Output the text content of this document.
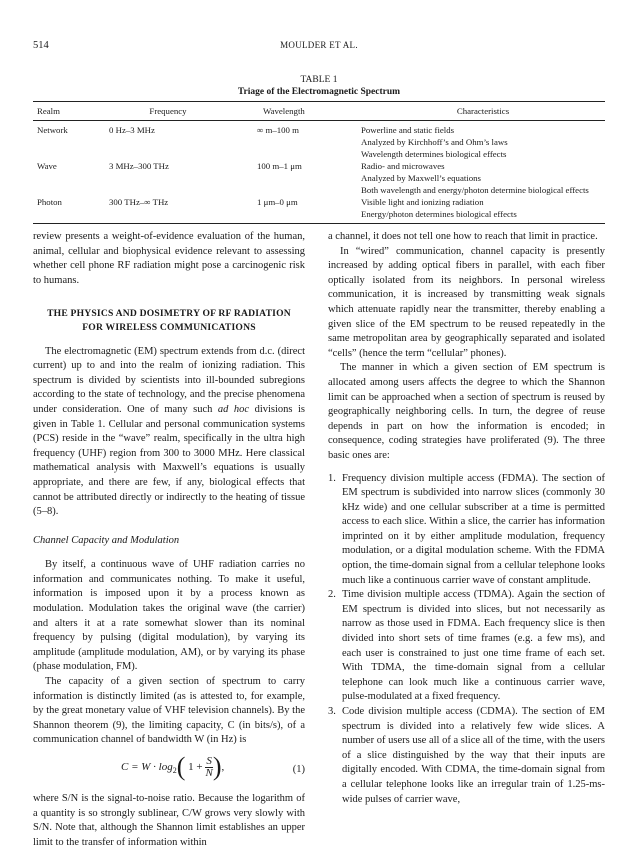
514	MOULDER ET AL.
TABLE 1
Triage of the Electromagnetic Spectrum
Realm	Frequency	Wavelength	Characteristics

Network	0 Hz–3 MHz	∞ m–100 m	Powerline and static fields
Analyzed by Kirchhoff’s and Ohm’s laws
Wavelength determines biological effects

Wave	3 MHz–300 THz	100 m–1 μm	Radio- and microwaves
Analyzed by Maxwell’s equations
Both wavelength and energy/photon determine biological effects

Photon	300 THz–∞ THz	1 μm–0 μm	Visible light and ionizing radiation
Energy/photon determines biological effects

review presents a weight-of-evidence evaluation of the human, animal, cellular and biophysical evidence relevant to assessing whether cell phone RF radiation might pose a carcinogenic risk to humans.

THE PHYSICS AND DOSIMETRY OF RF RADIATION FOR WIRELESS COMMUNICATIONS

The electromagnetic (EM) spectrum extends from d.c. (direct current) up to and into the realm of ionizing radiation. This spectrum is divided by scientists into ill-bounded subregions according to the state of technology, and the precise phenomena under consideration. One of many such ad hoc divisions is given in Table 1. Cellular and personal communication systems (PCS) reside in the “wave” realm, specifically in the ultra high frequency (UHF) region from 300 to 3000 MHz. Here classical mathematical analysis with Maxwell’s equations is usually appropriate, and there are few, if any, biological effects that cannot be attributed directly or indirectly to the heating of tissue (5–8).

Channel Capacity and Modulation

By itself, a continuous wave of UHF radiation carries no information and communicates nothing. To make it useful, information is imposed upon it by a process known as modulation. Modulation takes the original wave (the carrier) and alters it at a rate somewhat slower than its nominal frequency by pulsing (digital modulation), by varying its amplitude (amplitude modulation, AM), or by varying its phase (phase modulation, FM).

The capacity of a given section of spectrum to carry information is distinctly limited (as is attested to, for example, by the great monetary value of VHF television channels). By the Shannon theorem (9), the limiting capacity, C (in bits/s), of a communication channel of bandwidth W (in Hz) is

$C = W \cdot \log_2$( $1 + \frac{S}{N}$),	(1)

where S/N is the signal-to-noise ratio. Because the logarithm of a quantity is so strongly sublinear, C/W grows very slowly with S/N. Note that, although the Shannon limit establishes an upper limit to the transfer of information within

a channel, it does not tell one how to reach that limit in practice.

In “wired” communication, channel capacity is presently increased by adding optical fibers in parallel, with each fiber optically isolated from its neighbors. In personal wireless communication, it is increased by transmitting weak signals which attenuate rapidly near the transmitter, thereby enabling a given slice of the EM spectrum to be reused repeatedly in the same metropolitan area by geographically separated and isolated “cells” (hence the term “cellular” phones).

The manner in which a given section of EM spectrum is allocated among users affects the degree to which the Shannon limit can be approached when a section of spectrum is reused by geographically neighboring cells. In turn, the degree of reuse depends in part on how the information is encoded; in consequence, coding strategies have proliferated (9). The three basic ones are:

1. Frequency division multiple access (FDMA). The section of EM spectrum is subdivided into narrow slices (commonly 30 kHz wide) and one cellular subscriber at a time is permitted access to each slice. Within a slice, the carrier has information imprinted on it by either amplitude modulation, frequency modulation, or a digital modulation scheme. With the FDMA option, the time-domain signal from a cellular telephone looks much like a continuous carrier wave of constant amplitude.
2. Time division multiple access (TDMA). Again the section of EM spectrum is divided into slices, but not necessarily as narrow as those used in FDMA. Each frequency slice is then divided into short sets of time frames (e.g. a few ms), and each user is constrained to just one time frame of each set. With TDMA, the time-domain signal from a cellular telephone can look much like a continuous carrier wave, pulse-modulated at a fixed frequency.
3. Code division multiple access (CDMA). The section of EM spectrum is divided into a relatively few wide slices. A number of users use all of a slice all of the time, with the users of a slice distinguished by the way that their inputs are digitally encoded. With CDMA, the time-domain signal from a cellular telephone looks like an irregular train of 1.25-ms-wide pulses of carrier wave,
